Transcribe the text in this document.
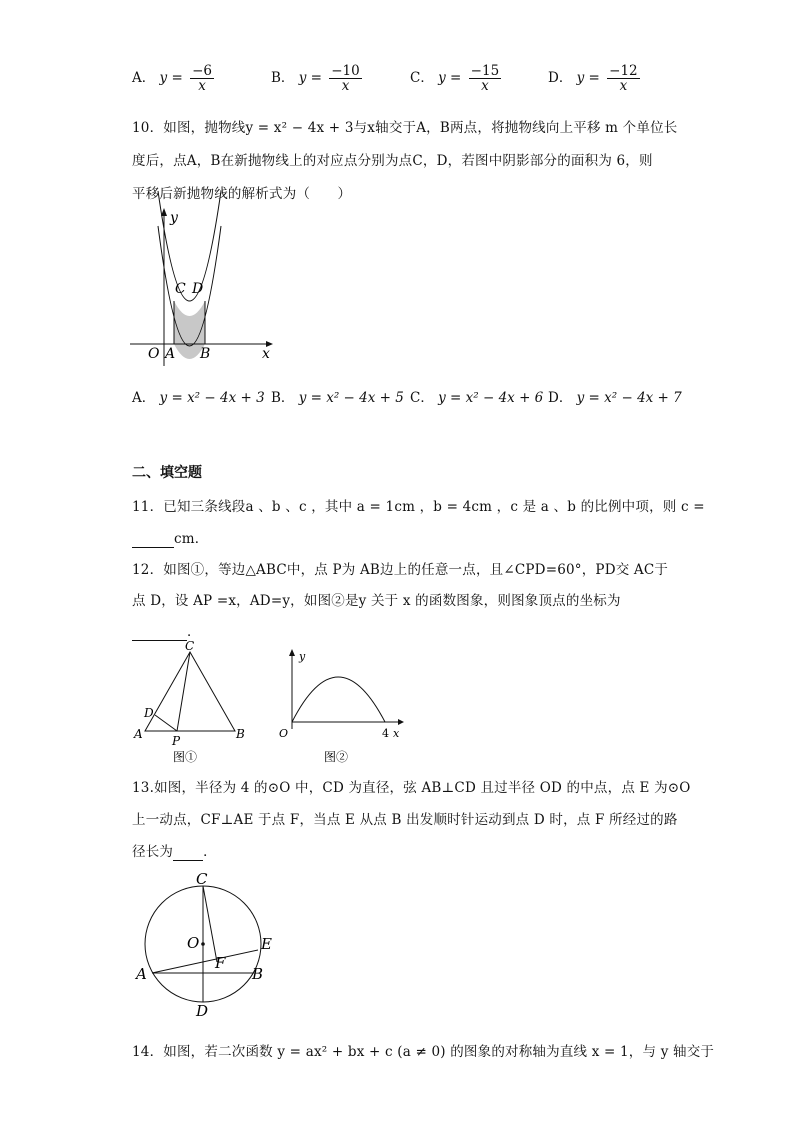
A． $y = \frac{-6}{x}$	B． $y = \frac{-10}{x}$	C． $y = \frac{-15}{x}$	D． $y = \frac{-12}{x}$
10．如图，抛物线y = x² − 4x + 3与x轴交于A，B两点，将抛物线向上平移 m 个单位长
度后，点A，B在新抛物线上的对应点分别为点C，D，若图中阴影部分的面积为 6，则
平移后新抛物线的解析式为（　　）
y
x
O A B
C D
A． y = x² − 4x + 3 B． y = x² − 4x + 5 C． y = x² − 4x + 6 D． y = x² − 4x + 7
二、填空题
11．已知三条线段a 、b 、c ，其中 a = 1cm ，b = 4cm ，c 是 a 、b 的比例中项，则 c =
cm．
12．如图①，等边△ABC中，点 P为 AB边上的任意一点，且∠CPD=60°，PD交 AC于
点 D，设 AP =x，AD=y，如图②是y 关于 x 的函数图象，则图象顶点的坐标为
．
C
A	B
D
P
图①
y
O	4 x
图②
13.如图，半径为 4 的⊙O 中，CD 为直径，弦 AB⊥CD 且过半径 OD 的中点，点 E 为⊙O
上一动点，CF⊥AE 于点 F，当点 E 从点 B 出发顺时针运动到点 D 时，点 F 所经过的路
径长为 ．
C
D
A	B
E
F
O
14．如图，若二次函数 y = ax² + bx + c (a ≠ 0) 的图象的对称轴为直线 x = 1，与 y 轴交于
